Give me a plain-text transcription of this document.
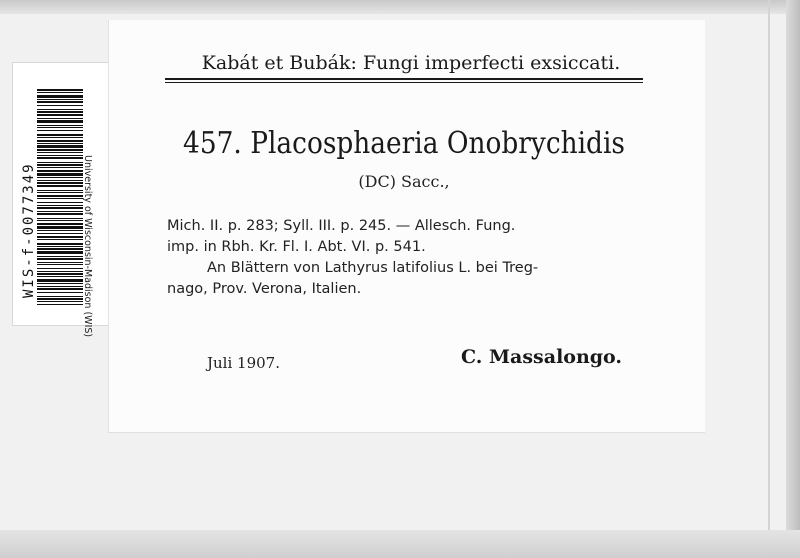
WIS-f-0077349	University of Wisconsin-Madison (WIS)
Kabát et Bubák: Fungi imperfecti exsiccati.
457. Placosphaeria Onobrychidis
(DC) Sacc.,
Mich. II. p. 283; Syll. III. p. 245. — Allesch. Fung.
imp. in Rbh. Kr. Fl. I. Abt. VI. p. 541.
An Blättern von Lathyrus latifolius L. bei Treg-
nago, Prov. Verona, Italien.
Juli 1907.	C. Massalongo.
